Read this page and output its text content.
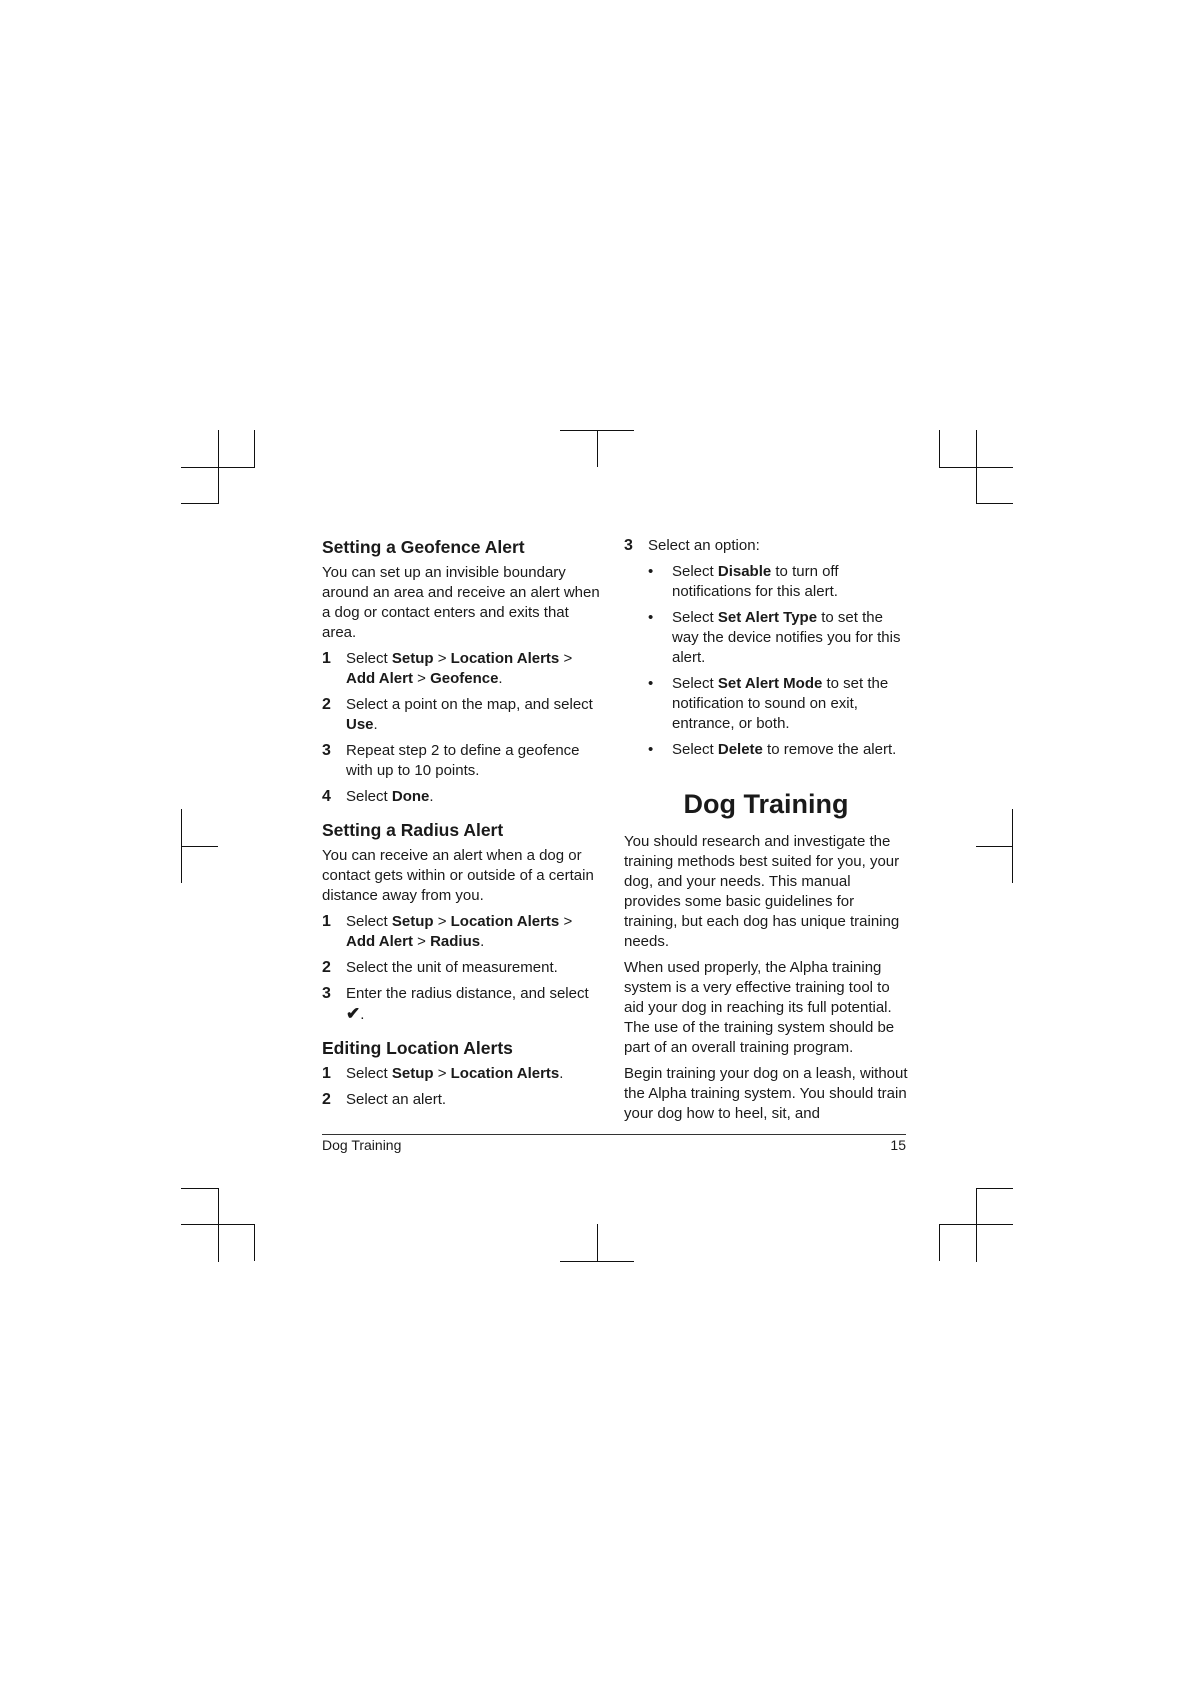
Setting a Geofence Alert

You can set up an invisible boundary around an area and receive an alert when a dog or contact enters and exits that area.

1	Select Setup > Location Alerts > Add Alert > Geofence.
2	Select a point on the map, and select Use.
3	Repeat step 2 to define a geofence with up to 10 points.
4	Select Done.
Setting a Radius Alert

You can receive an alert when a dog or contact gets within or outside of a certain distance away from you.

1	Select Setup > Location Alerts > Add Alert > Radius.
2	Select the unit of measurement.
3	Enter the radius distance, and select ✔.
Editing Location Alerts
1	Select Setup > Location Alerts.
2	Select an alert.
3	Select an option:
•	Select Disable to turn off notifications for this alert.
•	Select Set Alert Type to set the way the device notifies you for this alert.
•	Select Set Alert Mode to set the notification to sound on exit, entrance, or both.
•	Select Delete to remove the alert.
Dog Training

You should research and investigate the training methods best suited for you, your dog, and your needs. This manual provides some basic guidelines for training, but each dog has unique training needs.

When used properly, the Alpha training system is a very effective training tool to aid your dog in reaching its full potential. The use of the training system should be part of an overall training program.

Begin training your dog on a leash, without the Alpha training system. You should train your dog how to heel, sit, and

Dog Training	15
